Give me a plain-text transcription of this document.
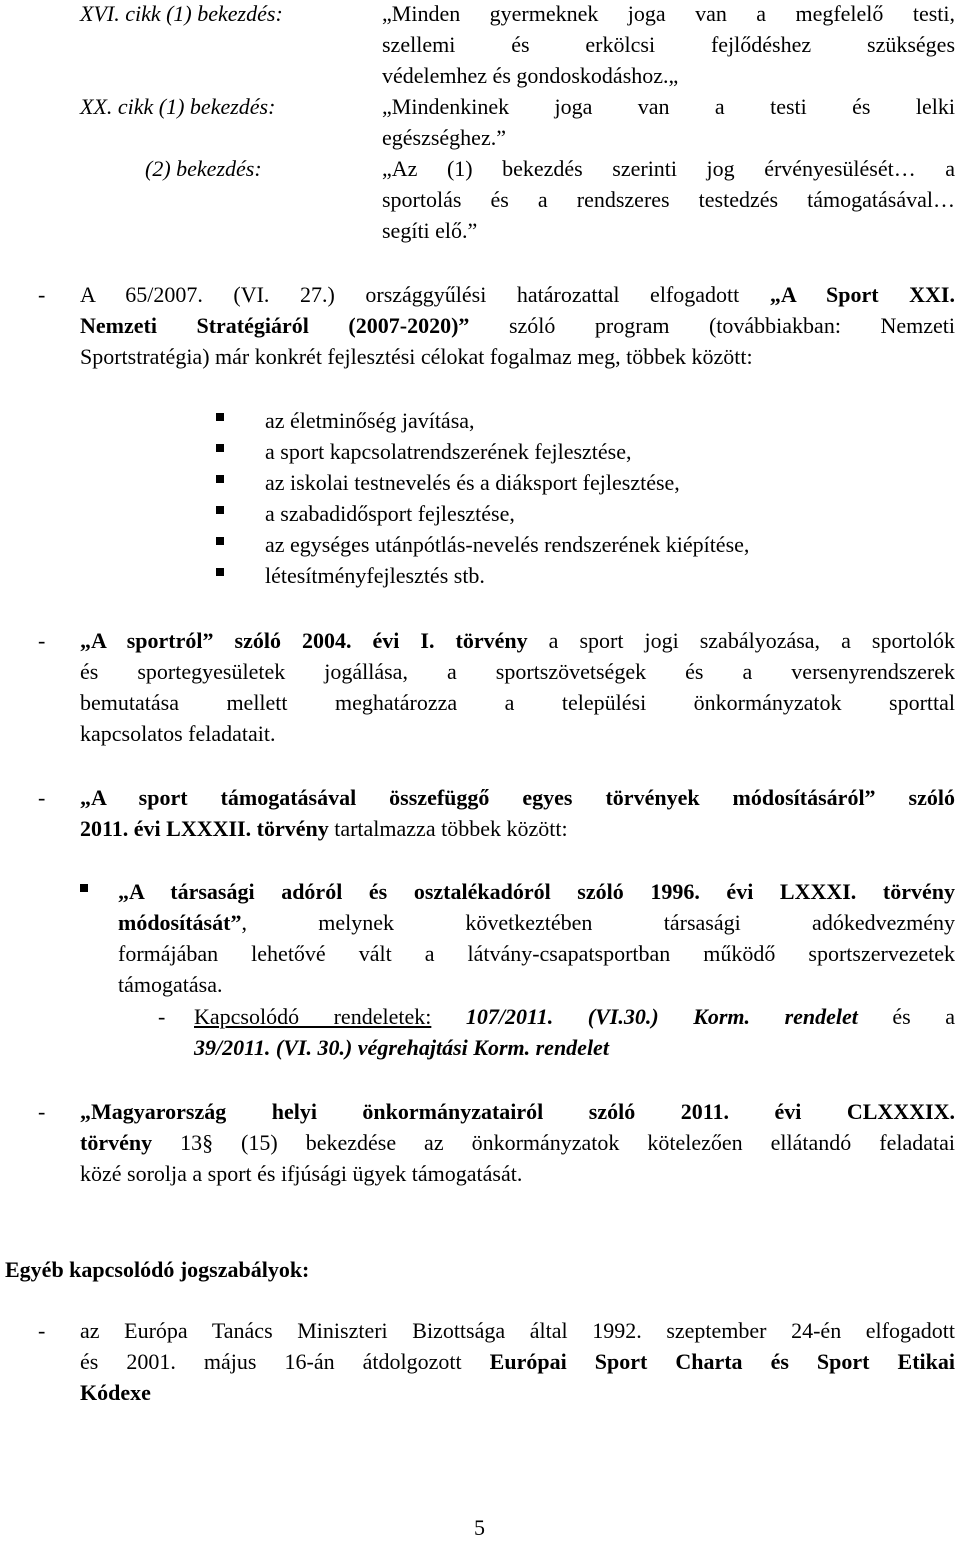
XVI. cikk (1) bekezdés:	„Minden gyermeknek joga van a megfelelő testi,
szellemi és erkölcsi fejlődéshez szükséges
védelemhez és gondoskodáshoz.„
XX. cikk (1) bekezdés:	„Mindenkinek joga van a testi és lelki
egészséghez.”
(2) bekezdés:	„Az (1) bekezdés szerinti jog érvényesülését… a
sportolás és a rendszeres testedzés támogatásával…
segíti elő.”
- A 65/2007. (VI. 27.) országgyűlési határozattal elfogadott „A Sport XXI.
Nemzeti Stratégiáról (2007-2020)” szóló program (továbbiakban: Nemzeti
Sportstratégia) már konkrét fejlesztési célokat fogalmaz meg, többek között:
az életminőség javítása,
a sport kapcsolatrendszerének fejlesztése,
az iskolai testnevelés és a diáksport fejlesztése,
a szabadidősport fejlesztése,
az egységes utánpótlás-nevelés rendszerének kiépítése,
létesítményfejlesztés stb.
- „A sportról” szóló 2004. évi I. törvény a sport jogi szabályozása, a sportolók
és sportegyesületek jogállása, a sportszövetségek és a versenyrendszerek
bemutatása mellett meghatározza a települési önkormányzatok sporttal
kapcsolatos feladatait.
- „A sport támogatásával összefüggő egyes törvények módosításáról” szóló
2011. évi LXXXII. törvény tartalmazza többek között:
„A társasági adóról és osztalékadóról szóló 1996. évi LXXXI. törvény
módosítását”, melynek következtében társasági adókedvezmény
formájában lehetővé vált a látvány-csapatsportban működő sportszervezetek
támogatása.
- Kapcsolódó rendeletek: 107/2011. (VI.30.) Korm. rendelet és a
39/2011. (VI. 30.) végrehajtási Korm. rendelet
- „Magyarország helyi önkormányzatairól szóló 2011. évi CLXXXIX.
törvény 13§ (15) bekezdése az önkormányzatok kötelezően ellátandó feladatai
közé sorolja a sport és ifjúsági ügyek támogatását.
Egyéb kapcsolódó jogszabályok:
- az Európa Tanács Miniszteri Bizottsága által 1992. szeptember 24-én elfogadott
és 2001. május 16-án átdolgozott Európai Sport Charta és Sport Etikai
Kódexe
5
